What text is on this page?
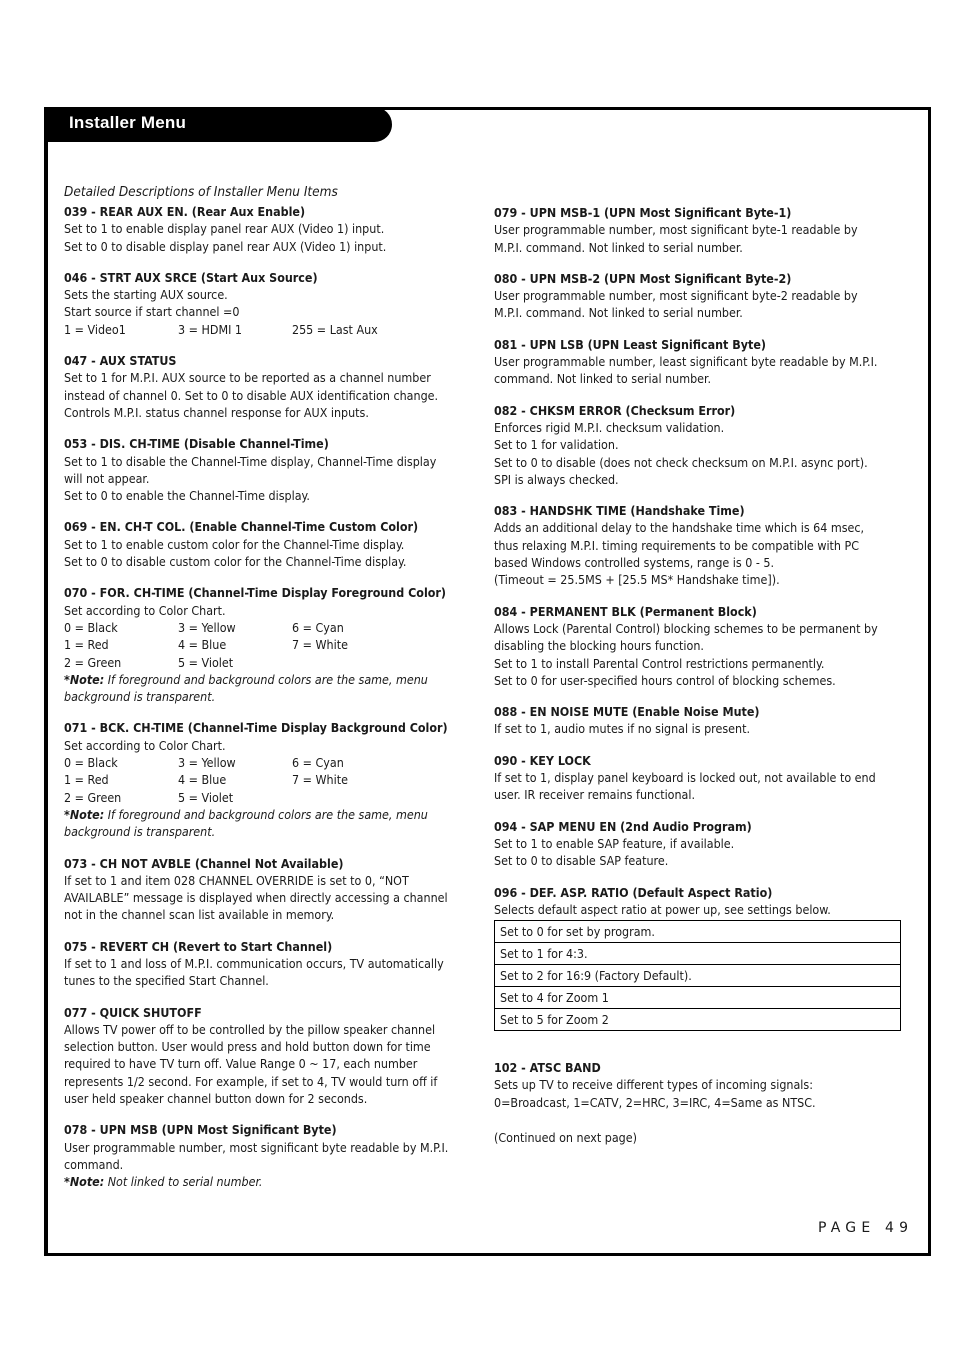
Installer Menu
Detailed Descriptions of Installer Menu Items
039 - REAR AUX EN. (Rear Aux Enable)
Set to 1 to enable display panel rear AUX (Video 1) input.
Set to 0 to disable display panel rear AUX (Video 1) input.
046 - STRT AUX SRCE (Start Aux Source)
Sets the starting AUX source.
Start source if start channel =0
1 = Video1	3 = HDMI 1	255 = Last Aux
047 - AUX STATUS
Set to 1 for M.P.I. AUX source to be reported as a channel number
instead of channel 0. Set to 0 to disable AUX identification change.
Controls M.P.I. status channel response for AUX inputs.
053 - DIS. CH-TIME (Disable Channel-Time)
Set to 1 to disable the Channel-Time display, Channel-Time display
will not appear.
Set to 0 to enable the Channel-Time display.
069 - EN. CH-T COL. (Enable Channel-Time Custom Color)
Set to 1 to enable custom color for the Channel-Time display.
Set to 0 to disable custom color for the Channel-Time display.
070 - FOR. CH-TIME (Channel-Time Display Foreground Color)
Set according to Color Chart.
0 = Black	3 = Yellow	6 = Cyan
1 = Red	4 = Blue	7 = White
2 = Green	5 = Violet
*Note: If foreground and background colors are the same, menu background is transparent.
071 - BCK. CH-TIME (Channel-Time Display Background Color)
Set according to Color Chart.
0 = Black	3 = Yellow	6 = Cyan
1 = Red	4 = Blue	7 = White
2 = Green	5 = Violet
*Note: If foreground and background colors are the same, menu background is transparent.
073 - CH NOT AVBLE (Channel Not Available)
If set to 1 and item 028 CHANNEL OVERRIDE is set to 0, “NOT
AVAILABLE” message is displayed when directly accessing a channel
not in the channel scan list available in memory.
075 - REVERT CH (Revert to Start Channel)
If set to 1 and loss of M.P.I. communication occurs, TV automatically
tunes to the specified Start Channel.
077 - QUICK SHUTOFF
Allows TV power off to be controlled by the pillow speaker channel
selection button. User would press and hold button down for time
required to have TV turn off. Value Range 0 ~ 17, each number
represents 1/2 second. For example, if set to 4, TV would turn off if
user held speaker channel button down for 2 seconds.
078 - UPN MSB (UPN Most Significant Byte)
User programmable number, most significant byte readable by M.P.I.
command.
*Note: Not linked to serial number.
079 - UPN MSB-1 (UPN Most Significant Byte-1)
User programmable number, most significant byte-1 readable by
M.P.I. command. Not linked to serial number.
080 - UPN MSB-2 (UPN Most Significant Byte-2)
User programmable number, most significant byte-2 readable by
M.P.I. command. Not linked to serial number.
081 - UPN LSB (UPN Least Significant Byte)
User programmable number, least significant byte readable by M.P.I.
command. Not linked to serial number.
082 - CHKSM ERROR (Checksum Error)
Enforces rigid M.P.I. checksum validation.
Set to 1 for validation.
Set to 0 to disable (does not check checksum on M.P.I. async port).
SPI is always checked.
083 - HANDSHK TIME (Handshake Time)
Adds an additional delay to the handshake time which is 64 msec,
thus relaxing M.P.I. timing requirements to be compatible with PC
based Windows controlled systems, range is 0 - 5.
(Timeout = 25.5MS + [25.5 MS* Handshake time]).
084 - PERMANENT BLK (Permanent Block)
Allows Lock (Parental Control) blocking schemes to be permanent by
disabling the blocking hours function.
Set to 1 to install Parental Control restrictions permanently.
Set to 0 for user-specified hours control of blocking schemes.
088 - EN NOISE MUTE (Enable Noise Mute)
If set to 1, audio mutes if no signal is present.
090 - KEY LOCK
If set to 1, display panel keyboard is locked out, not available to end
user. IR receiver remains functional.
094 - SAP MENU EN (2nd Audio Program)
Set to 1 to enable SAP feature, if available.
Set to 0 to disable SAP feature.
096 - DEF. ASP. RATIO (Default Aspect Ratio)
Selects default aspect ratio at power up, see settings below.
Set to 0 for set by program.
Set to 1 for 4:3.
Set to 2 for 16:9 (Factory Default).
Set to 4 for Zoom 1
Set to 5 for Zoom 2
102 - ATSC BAND
Sets up TV to receive different types of incoming signals:
0=Broadcast, 1=CATV, 2=HRC, 3=IRC, 4=Same as NTSC.
(Continued on next page)
PAGE 49
